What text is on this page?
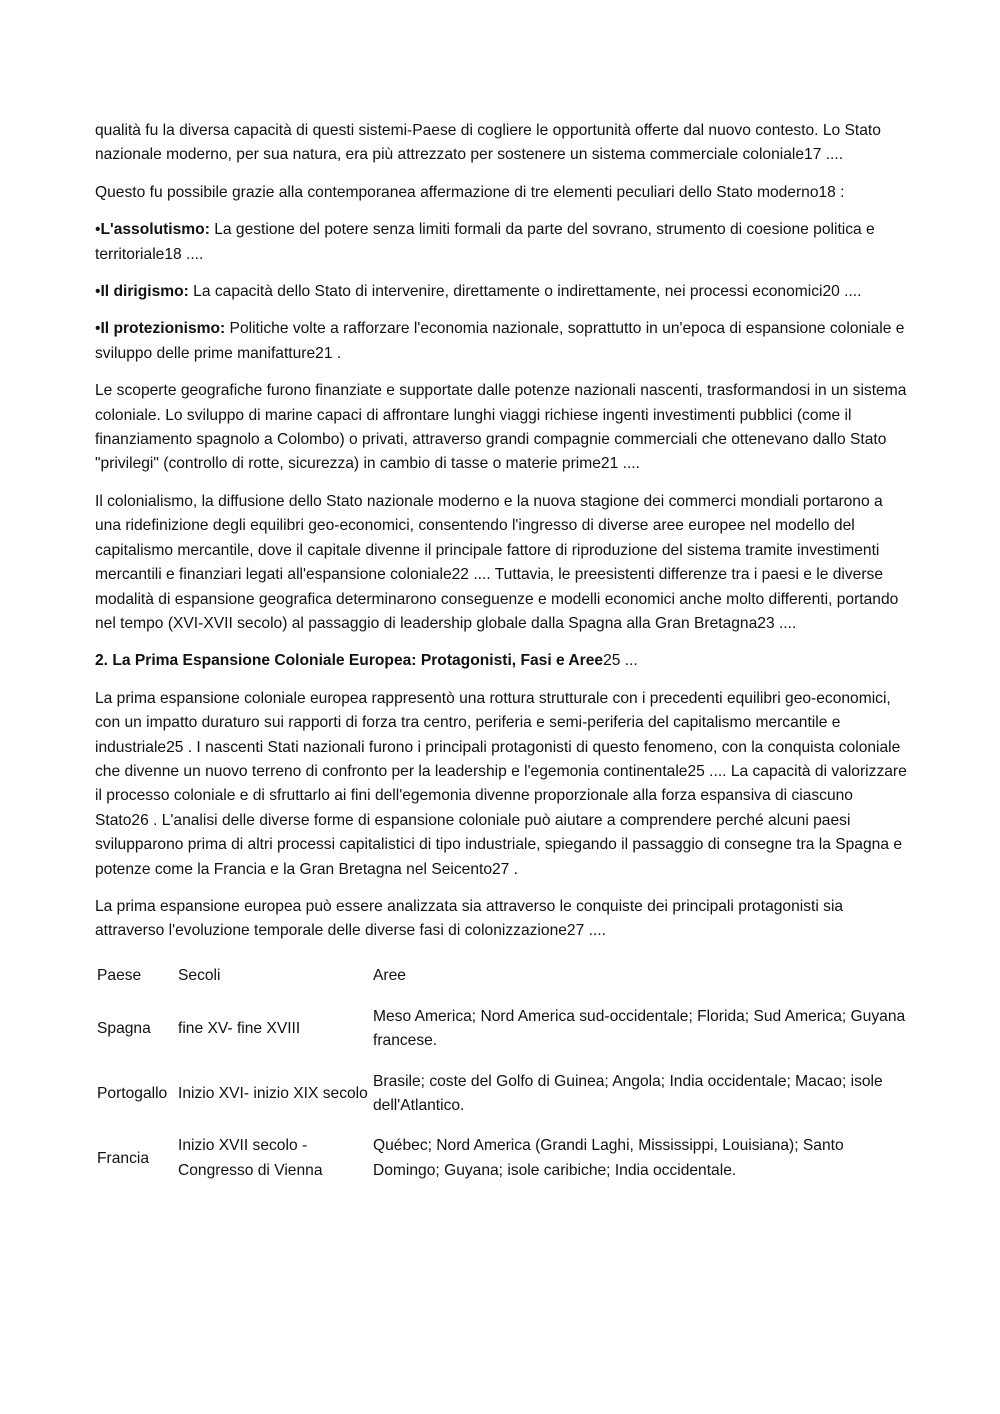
qualità fu la diversa capacità di questi sistemi-Paese di cogliere le opportunità offerte dal nuovo contesto. Lo Stato nazionale moderno, per sua natura, era più attrezzato per sostenere un sistema commerciale coloniale17 ....

Questo fu possibile grazie alla contemporanea affermazione di tre elementi peculiari dello Stato moderno18 :

•L'assolutismo: La gestione del potere senza limiti formali da parte del sovrano, strumento di coesione politica e territoriale18 ....

•Il dirigismo: La capacità dello Stato di intervenire, direttamente o indirettamente, nei processi economici20 ....

•Il protezionismo: Politiche volte a rafforzare l'economia nazionale, soprattutto in un'epoca di espansione coloniale e sviluppo delle prime manifatture21 .

Le scoperte geografiche furono finanziate e supportate dalle potenze nazionali nascenti, trasformandosi in un sistema coloniale. Lo sviluppo di marine capaci di affrontare lunghi viaggi richiese ingenti investimenti pubblici (come il finanziamento spagnolo a Colombo) o privati, attraverso grandi compagnie commerciali che ottenevano dallo Stato "privilegi" (controllo di rotte, sicurezza) in cambio di tasse o materie prime21 ....

Il colonialismo, la diffusione dello Stato nazionale moderno e la nuova stagione dei commerci mondiali portarono a una ridefinizione degli equilibri geo-economici, consentendo l'ingresso di diverse aree europee nel modello del capitalismo mercantile, dove il capitale divenne il principale fattore di riproduzione del sistema tramite investimenti mercantili e finanziari legati all'espansione coloniale22 .... Tuttavia, le preesistenti differenze tra i paesi e le diverse modalità di espansione geografica determinarono conseguenze e modelli economici anche molto differenti, portando nel tempo (XVI-XVII secolo) al passaggio di leadership globale dalla Spagna alla Gran Bretagna23 ....

2. La Prima Espansione Coloniale Europea: Protagonisti, Fasi e Aree25 ...

La prima espansione coloniale europea rappresentò una rottura strutturale con i precedenti equilibri geo-economici, con un impatto duraturo sui rapporti di forza tra centro, periferia e semi-periferia del capitalismo mercantile e industriale25 . I nascenti Stati nazionali furono i principali protagonisti di questo fenomeno, con la conquista coloniale che divenne un nuovo terreno di confronto per la leadership e l'egemonia continentale25 .... La capacità di valorizzare il processo coloniale e di sfruttarlo ai fini dell'egemonia divenne proporzionale alla forza espansiva di ciascuno Stato26 . L'analisi delle diverse forme di espansione coloniale può aiutare a comprendere perché alcuni paesi svilupparono prima di altri processi capitalistici di tipo industriale, spiegando il passaggio di consegne tra la Spagna e potenze come la Francia e la Gran Bretagna nel Seicento27 .

La prima espansione europea può essere analizzata sia attraverso le conquiste dei principali protagonisti sia attraverso l'evoluzione temporale delle diverse fasi di colonizzazione27 ....

Paese	Secoli	Aree
Spagna	fine XV- fine XVIII	Meso America; Nord America sud-occidentale; Florida; Sud America; Guyana francese.
Portogallo	Inizio XVI- inizio XIX secolo	Brasile; coste del Golfo di Guinea; Angola; India occidentale; Macao; isole dell'Atlantico.
Francia	Inizio XVII secolo - Congresso di Vienna	Québec; Nord America (Grandi Laghi, Mississippi, Louisiana); Santo Domingo; Guyana; isole caribiche; India occidentale.
